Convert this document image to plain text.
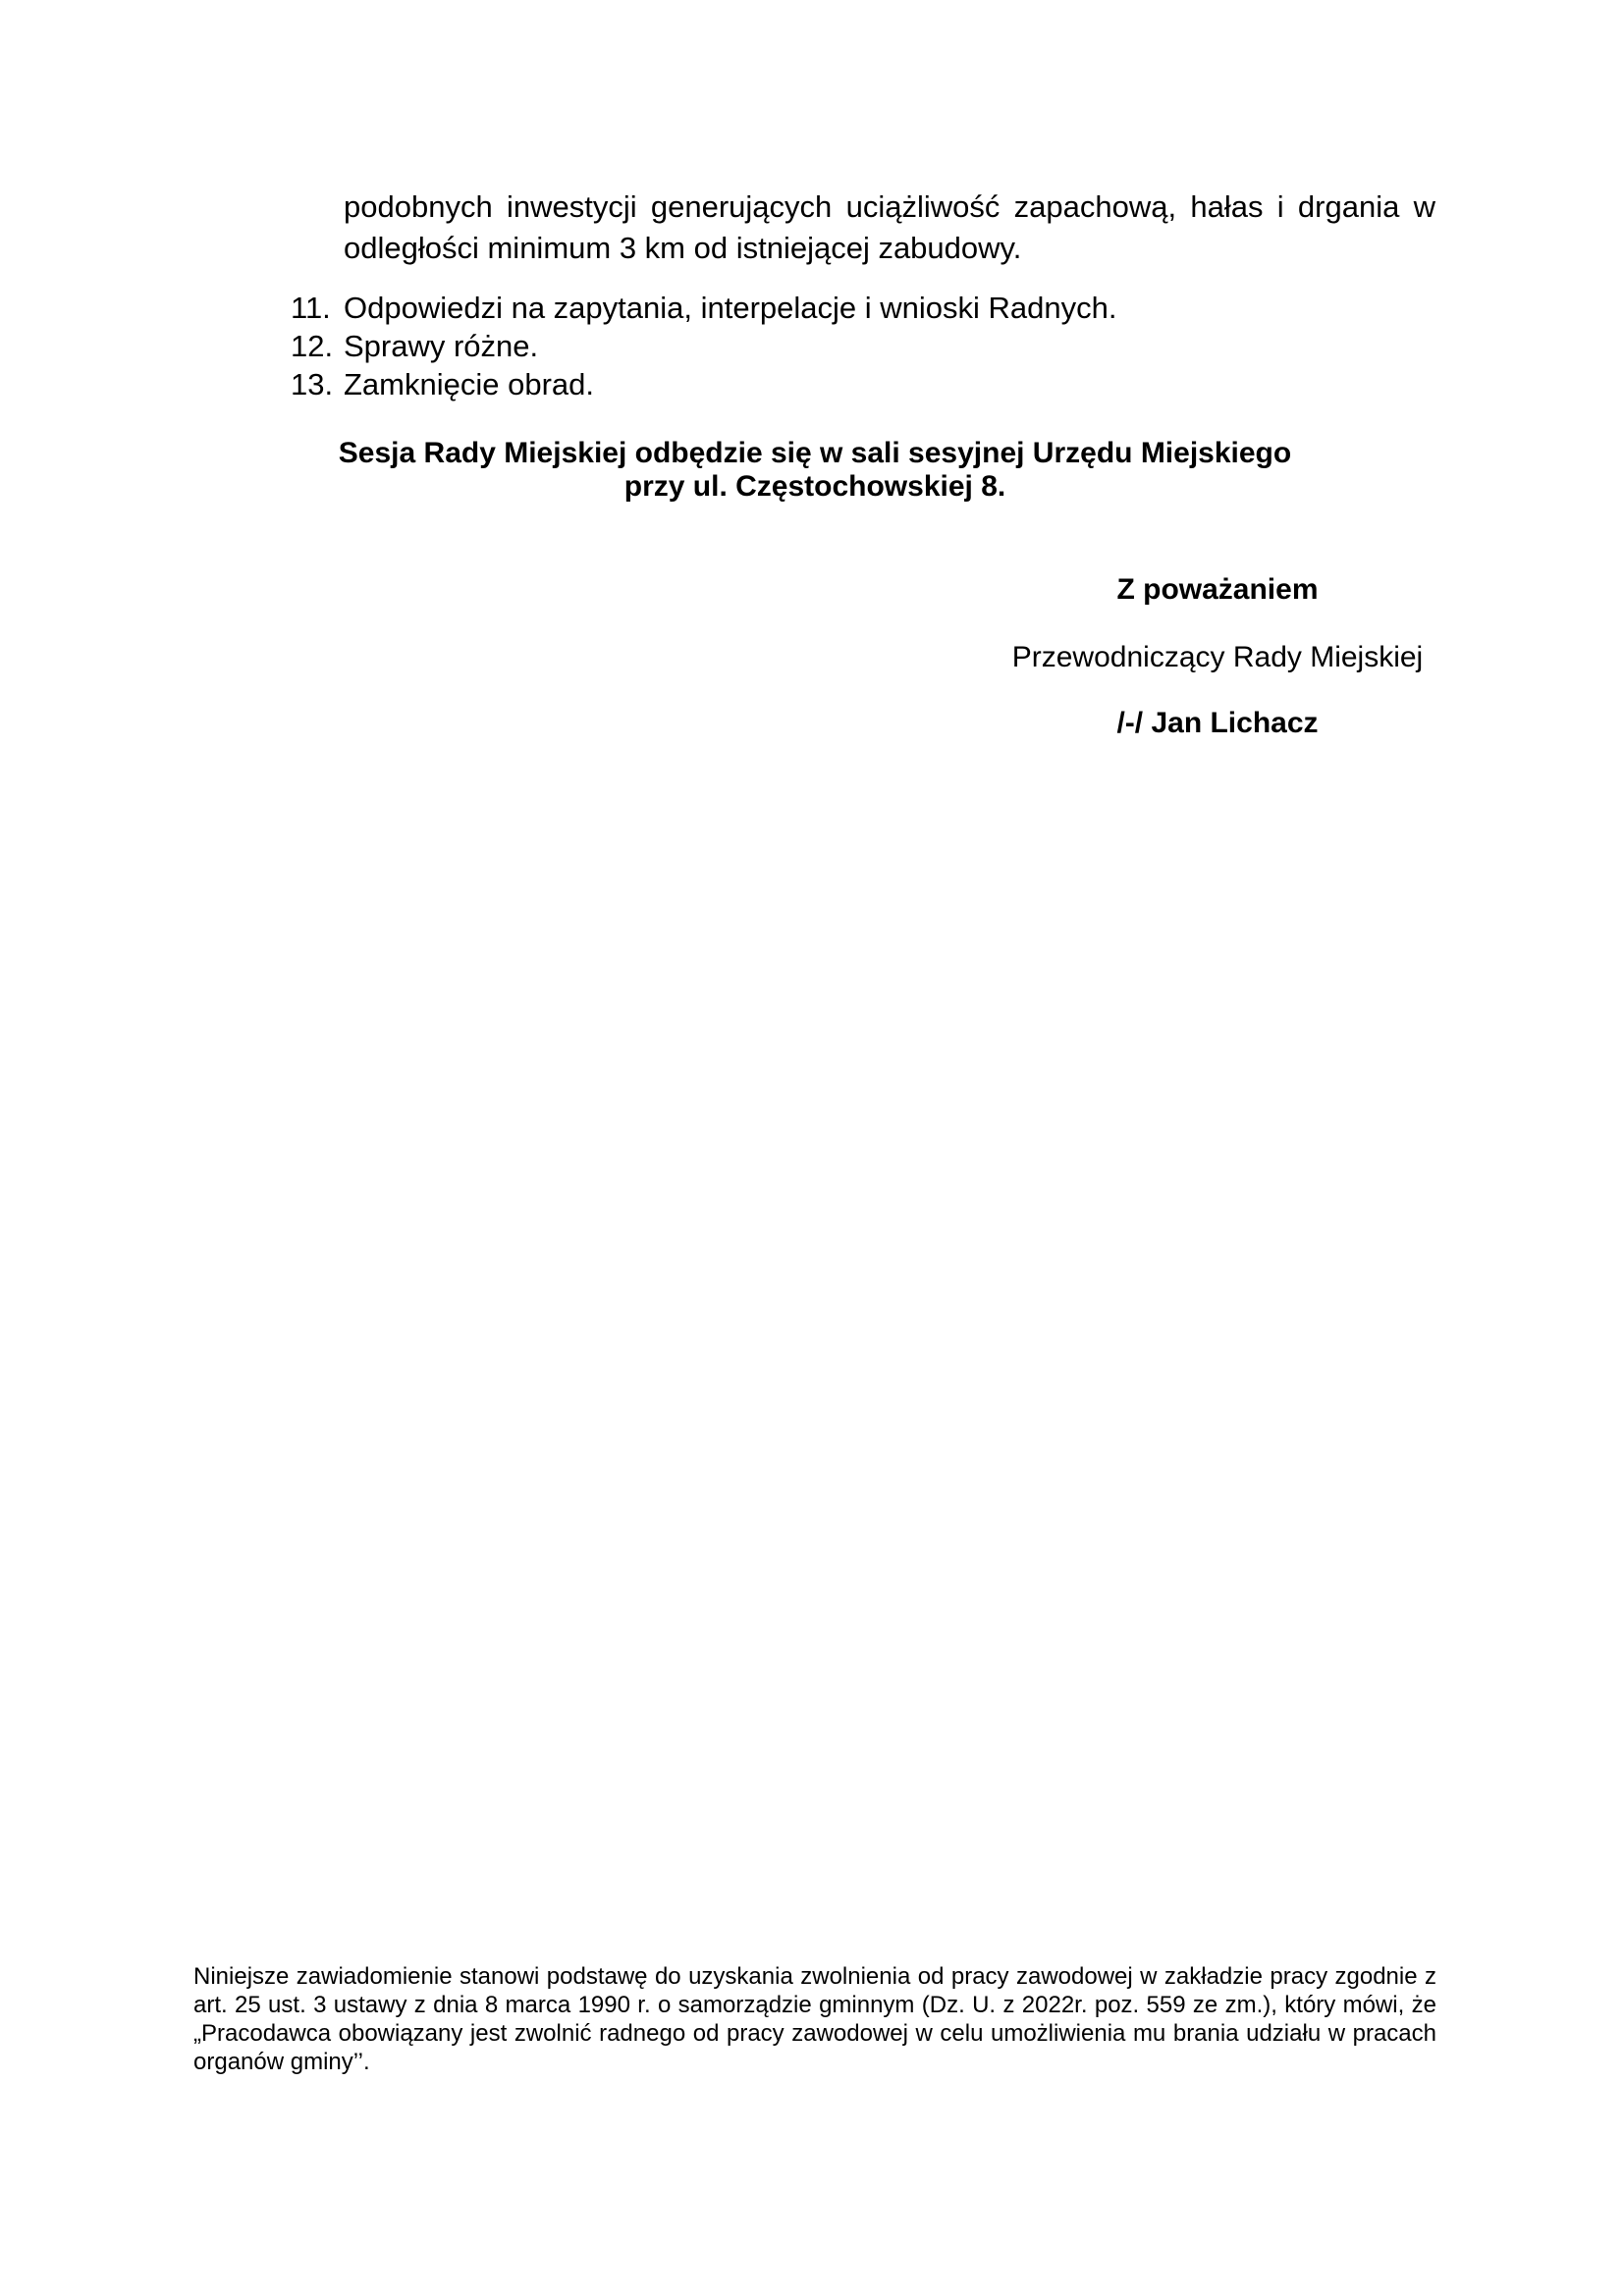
podobnych inwestycji generujących uciążliwość zapachową, hałas i drgania w odległości minimum 3 km od istniejącej zabudowy.

11. Odpowiedzi na zapytania, interpelacje i wnioski Radnych.
12. Sprawy różne.
13. Zamknięcie obrad.
Sesja Rady Miejskiej odbędzie się w sali sesyjnej Urzędu Miejskiego
przy ul. Częstochowskiej 8.
Z poważaniem
Przewodniczący Rady Miejskiej
/-/ Jan Lichacz

Niniejsze zawiadomienie stanowi podstawę do uzyskania zwolnienia od pracy zawodowej w zakładzie pracy zgodnie z art. 25 ust. 3 ustawy z dnia 8 marca 1990 r. o samorządzie gminnym (Dz. U. z 2022r. poz. 559 ze zm.), który mówi, że „Pracodawca obowiązany jest zwolnić radnego od pracy zawodowej w celu umożliwienia mu brania udziału w pracach organów gminy’’.
